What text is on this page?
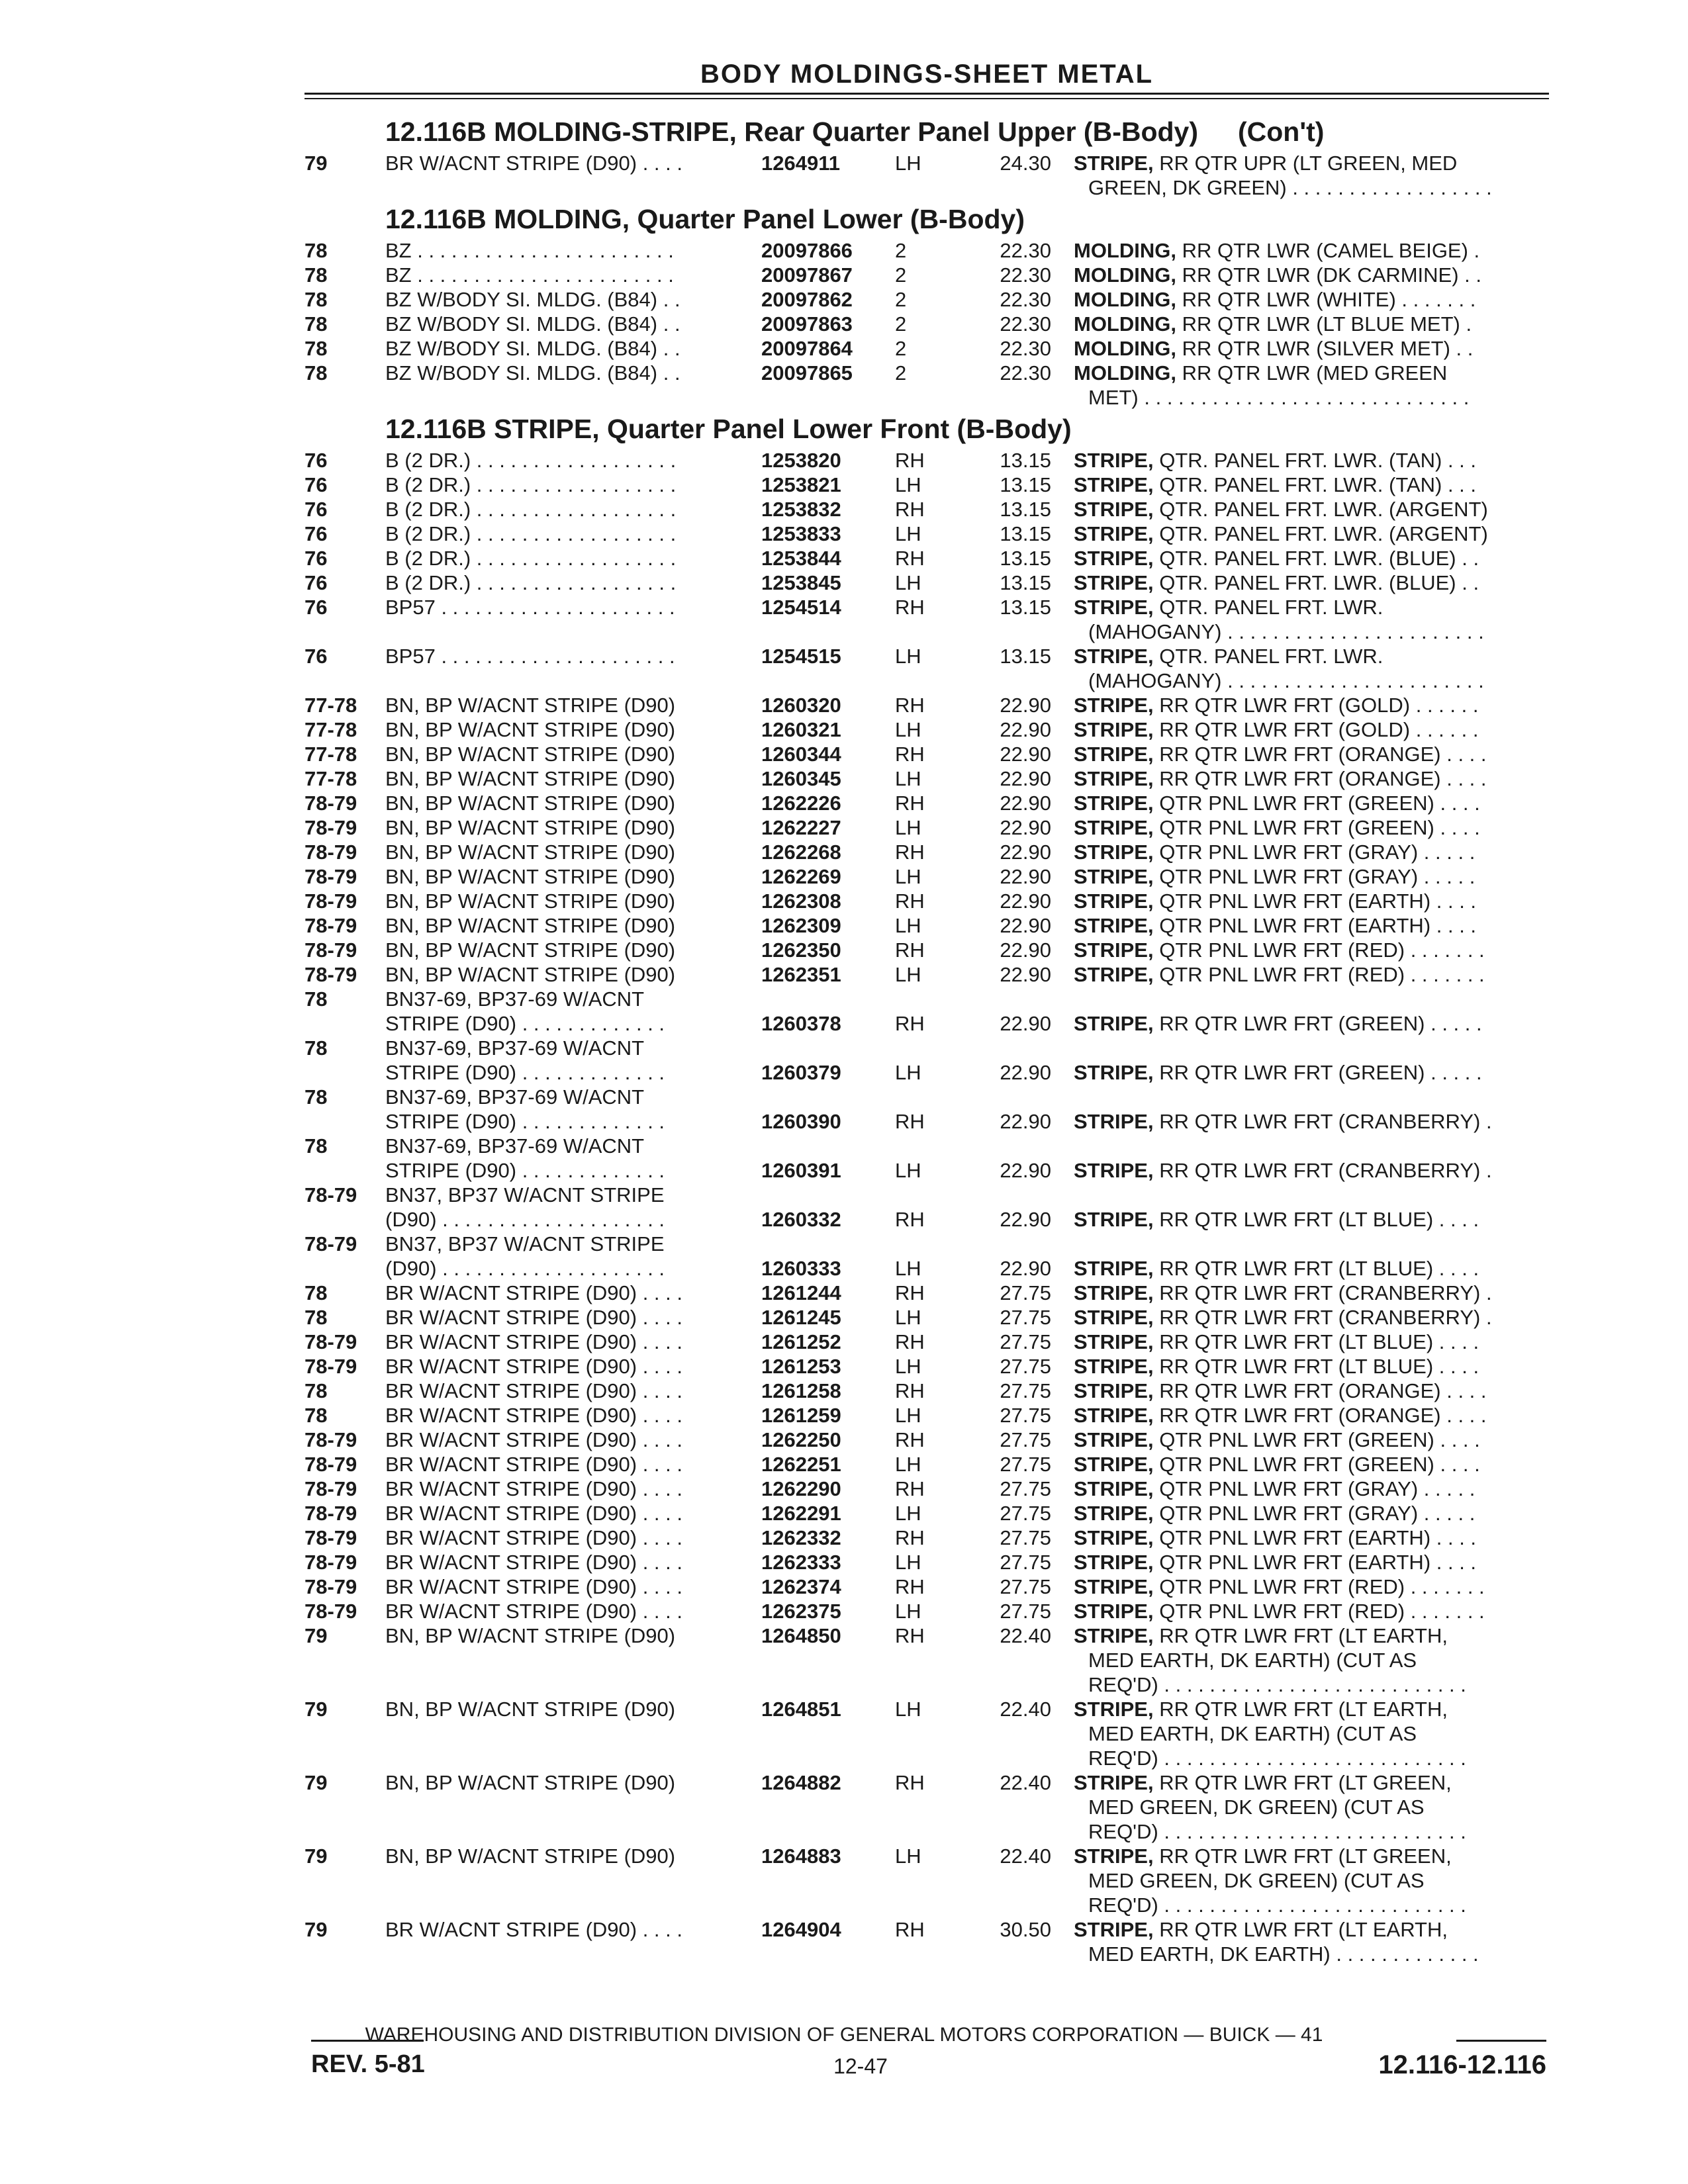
BODY MOLDINGS-SHEET METAL
12.116B MOLDING-STRIPE, Rear Quarter Panel Upper (B-Body) (Con't)
79	BR W/ACNT STRIPE (D90) . . . .	1264911	LH	24.30 STRIPE, RR QTR UPR (LT GREEN, MED
GREEN, DK GREEN) . . . . . . . . . . . . . . . . . .
12.116B MOLDING, Quarter Panel Lower (B-Body)
78	BZ . . . . . . . . . . . . . . . . . . . . . . .	20097866 2	22.30 MOLDING, RR QTR LWR (CAMEL BEIGE) .
78	BZ . . . . . . . . . . . . . . . . . . . . . . .	20097867 2	22.30 MOLDING, RR QTR LWR (DK CARMINE) . .
78	BZ W/BODY SI. MLDG. (B84) . .	20097862 2	22.30 MOLDING, RR QTR LWR (WHITE) . . . . . . .
78	BZ W/BODY SI. MLDG. (B84) . .	20097863 2	22.30 MOLDING, RR QTR LWR (LT BLUE MET) .
78	BZ W/BODY SI. MLDG. (B84) . .	20097864 2	22.30 MOLDING, RR QTR LWR (SILVER MET) . .
78	BZ W/BODY SI. MLDG. (B84) . .	20097865 2	22.30 MOLDING, RR QTR LWR (MED GREEN
MET) . . . . . . . . . . . . . . . . . . . . . . . . . . . . .
12.116B STRIPE, Quarter Panel Lower Front (B-Body)
76	B (2 DR.) . . . . . . . . . . . . . . . . . .	1253820	RH	13.15 STRIPE, QTR. PANEL FRT. LWR. (TAN) . . .
76	B (2 DR.) . . . . . . . . . . . . . . . . . .	1253821	LH	13.15 STRIPE, QTR. PANEL FRT. LWR. (TAN) . . .
76	B (2 DR.) . . . . . . . . . . . . . . . . . .	1253832	RH	13.15 STRIPE, QTR. PANEL FRT. LWR. (ARGENT)
76	B (2 DR.) . . . . . . . . . . . . . . . . . .	1253833	LH	13.15 STRIPE, QTR. PANEL FRT. LWR. (ARGENT)
76	B (2 DR.) . . . . . . . . . . . . . . . . . .	1253844	RH	13.15 STRIPE, QTR. PANEL FRT. LWR. (BLUE) . .
76	B (2 DR.) . . . . . . . . . . . . . . . . . .	1253845	LH	13.15 STRIPE, QTR. PANEL FRT. LWR. (BLUE) . .
76	BP57 . . . . . . . . . . . . . . . . . . . . .	1254514	RH	13.15 STRIPE, QTR. PANEL FRT. LWR.
(MAHOGANY) . . . . . . . . . . . . . . . . . . . . . . .
76	BP57 . . . . . . . . . . . . . . . . . . . . .	1254515	LH	13.15 STRIPE, QTR. PANEL FRT. LWR.
(MAHOGANY) . . . . . . . . . . . . . . . . . . . . . . .
77-78 BN, BP W/ACNT STRIPE (D90)	1260320	RH	22.90 STRIPE, RR QTR LWR FRT (GOLD) . . . . . .
77-78 BN, BP W/ACNT STRIPE (D90)	1260321	LH	22.90 STRIPE, RR QTR LWR FRT (GOLD) . . . . . .
77-78 BN, BP W/ACNT STRIPE (D90)	1260344	RH	22.90 STRIPE, RR QTR LWR FRT (ORANGE) . . . .
77-78 BN, BP W/ACNT STRIPE (D90)	1260345	LH	22.90 STRIPE, RR QTR LWR FRT (ORANGE) . . . .
78-79 BN, BP W/ACNT STRIPE (D90)	1262226	RH	22.90 STRIPE, QTR PNL LWR FRT (GREEN) . . . .
78-79 BN, BP W/ACNT STRIPE (D90)	1262227	LH	22.90 STRIPE, QTR PNL LWR FRT (GREEN) . . . .
78-79 BN, BP W/ACNT STRIPE (D90)	1262268	RH	22.90 STRIPE, QTR PNL LWR FRT (GRAY) . . . . .
78-79 BN, BP W/ACNT STRIPE (D90)	1262269	LH	22.90 STRIPE, QTR PNL LWR FRT (GRAY) . . . . .
78-79 BN, BP W/ACNT STRIPE (D90)	1262308	RH	22.90 STRIPE, QTR PNL LWR FRT (EARTH) . . . .
78-79 BN, BP W/ACNT STRIPE (D90)	1262309	LH	22.90 STRIPE, QTR PNL LWR FRT (EARTH) . . . .
78-79 BN, BP W/ACNT STRIPE (D90)	1262350	RH	22.90 STRIPE, QTR PNL LWR FRT (RED) . . . . . . .
78-79 BN, BP W/ACNT STRIPE (D90)	1262351	LH	22.90 STRIPE, QTR PNL LWR FRT (RED) . . . . . . .
78	BN37-69, BP37-69 W/ACNT
STRIPE (D90) . . . . . . . . . . . . .	1260378	RH	22.90 STRIPE, RR QTR LWR FRT (GREEN) . . . . .
78	BN37-69, BP37-69 W/ACNT
STRIPE (D90) . . . . . . . . . . . . .	1260379	LH	22.90 STRIPE, RR QTR LWR FRT (GREEN) . . . . .
78	BN37-69, BP37-69 W/ACNT
STRIPE (D90) . . . . . . . . . . . . .	1260390	RH	22.90 STRIPE, RR QTR LWR FRT (CRANBERRY) .
78	BN37-69, BP37-69 W/ACNT
STRIPE (D90) . . . . . . . . . . . . .	1260391	LH	22.90 STRIPE, RR QTR LWR FRT (CRANBERRY) .
78-79 BN37, BP37 W/ACNT STRIPE
(D90) . . . . . . . . . . . . . . . . . . . .	1260332	RH	22.90 STRIPE, RR QTR LWR FRT (LT BLUE) . . . .
78-79 BN37, BP37 W/ACNT STRIPE
(D90) . . . . . . . . . . . . . . . . . . . .	1260333	LH	22.90 STRIPE, RR QTR LWR FRT (LT BLUE) . . . .
78	BR W/ACNT STRIPE (D90) . . . .	1261244	RH	27.75 STRIPE, RR QTR LWR FRT (CRANBERRY) .
78	BR W/ACNT STRIPE (D90) . . . .	1261245	LH	27.75 STRIPE, RR QTR LWR FRT (CRANBERRY) .
78-79 BR W/ACNT STRIPE (D90) . . . .	1261252	RH	27.75 STRIPE, RR QTR LWR FRT (LT BLUE) . . . .
78-79 BR W/ACNT STRIPE (D90) . . . .	1261253	LH	27.75 STRIPE, RR QTR LWR FRT (LT BLUE) . . . .
78	BR W/ACNT STRIPE (D90) . . . .	1261258	RH	27.75 STRIPE, RR QTR LWR FRT (ORANGE) . . . .
78	BR W/ACNT STRIPE (D90) . . . .	1261259	LH	27.75 STRIPE, RR QTR LWR FRT (ORANGE) . . . .
78-79 BR W/ACNT STRIPE (D90) . . . .	1262250	RH	27.75 STRIPE, QTR PNL LWR FRT (GREEN) . . . .
78-79 BR W/ACNT STRIPE (D90) . . . .	1262251	LH	27.75 STRIPE, QTR PNL LWR FRT (GREEN) . . . .
78-79 BR W/ACNT STRIPE (D90) . . . .	1262290	RH	27.75 STRIPE, QTR PNL LWR FRT (GRAY) . . . . .
78-79 BR W/ACNT STRIPE (D90) . . . .	1262291	LH	27.75 STRIPE, QTR PNL LWR FRT (GRAY) . . . . .
78-79 BR W/ACNT STRIPE (D90) . . . .	1262332	RH	27.75 STRIPE, QTR PNL LWR FRT (EARTH) . . . .
78-79 BR W/ACNT STRIPE (D90) . . . .	1262333	LH	27.75 STRIPE, QTR PNL LWR FRT (EARTH) . . . .
78-79 BR W/ACNT STRIPE (D90) . . . .	1262374	RH	27.75 STRIPE, QTR PNL LWR FRT (RED) . . . . . . .
78-79 BR W/ACNT STRIPE (D90) . . . .	1262375	LH	27.75 STRIPE, QTR PNL LWR FRT (RED) . . . . . . .
79	BN, BP W/ACNT STRIPE (D90)	1264850	RH	22.40 STRIPE, RR QTR LWR FRT (LT EARTH,
MED EARTH, DK EARTH) (CUT AS
REQ'D) . . . . . . . . . . . . . . . . . . . . . . . . . . .
79	BN, BP W/ACNT STRIPE (D90)	1264851	LH	22.40 STRIPE, RR QTR LWR FRT (LT EARTH,
MED EARTH, DK EARTH) (CUT AS
REQ'D) . . . . . . . . . . . . . . . . . . . . . . . . . . .
79	BN, BP W/ACNT STRIPE (D90)	1264882	RH	22.40 STRIPE, RR QTR LWR FRT (LT GREEN,
MED GREEN, DK GREEN) (CUT AS
REQ'D) . . . . . . . . . . . . . . . . . . . . . . . . . . .
79	BN, BP W/ACNT STRIPE (D90)	1264883	LH	22.40 STRIPE, RR QTR LWR FRT (LT GREEN,
MED GREEN, DK GREEN) (CUT AS
REQ'D) . . . . . . . . . . . . . . . . . . . . . . . . . . .
79	BR W/ACNT STRIPE (D90) . . . .	1264904	RH	30.50 STRIPE, RR QTR LWR FRT (LT EARTH,
MED EARTH, DK EARTH) . . . . . . . . . . . . .
WAREHOUSING AND DISTRIBUTION DIVISION OF GENERAL MOTORS CORPORATION — BUICK — 41
REV. 5-81	12-47	12.116-12.116
